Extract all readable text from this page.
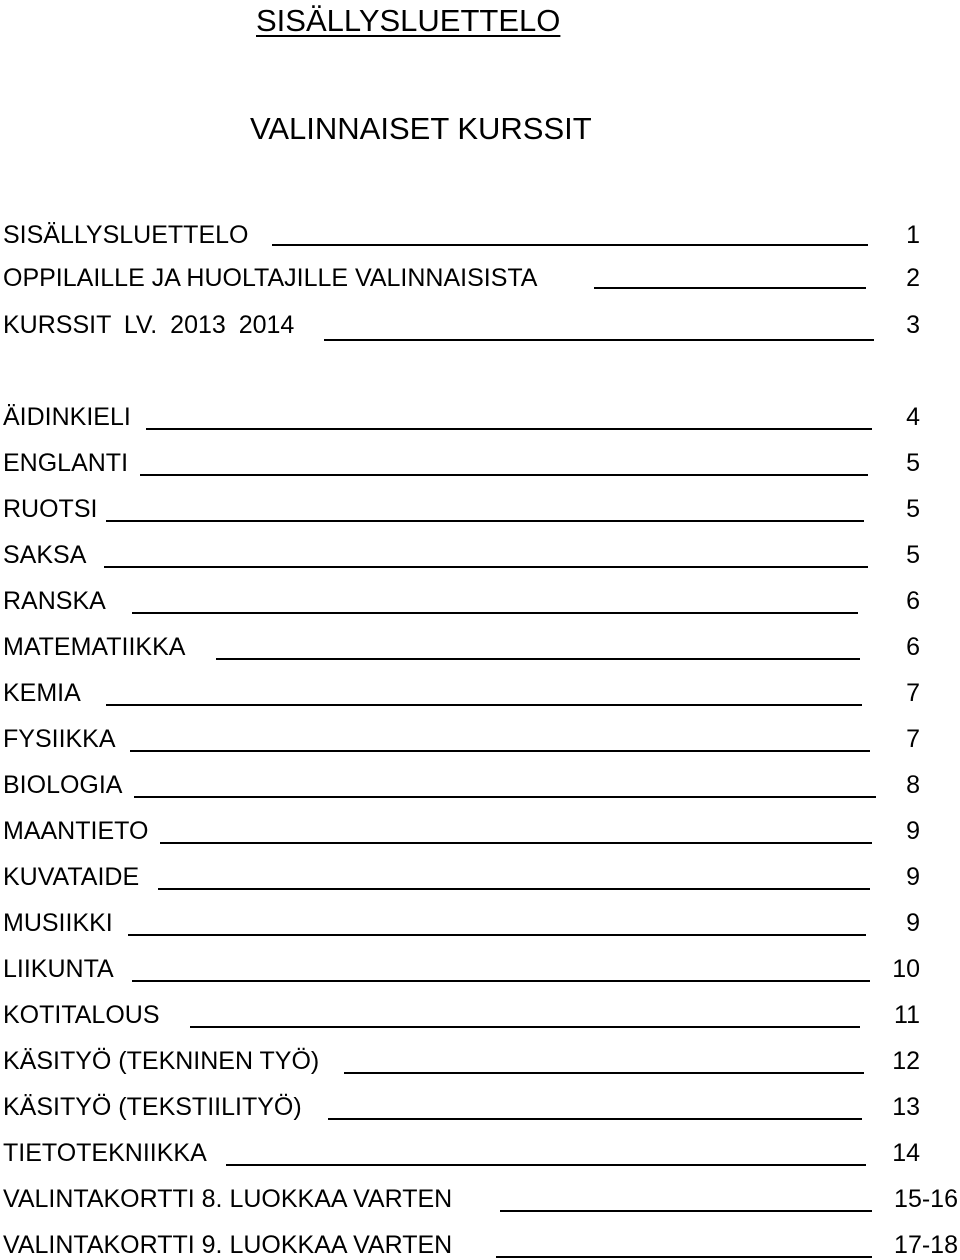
SISÄLLYSLUETTELO
VALINNAISET KURSSIT
SISÄLLYSLUETTELO	1
OPPILAILLE JA HUOLTAJILLE VALINNAISISTA	2
KURSSIT LV. 2013 2014	3
ÄIDINKIELI	4
ENGLANTI	5
RUOTSI	5
SAKSA	5
RANSKA	6
MATEMATIIKKA	6
KEMIA	7
FYSIIKKA	7
BIOLOGIA	8
MAANTIETO	9
KUVATAIDE	9
MUSIIKKI	9
LIIKUNTA	10
KOTITALOUS	11
KÄSITYÖ (TEKNINEN TYÖ)	12
KÄSITYÖ (TEKSTIILITYÖ)	13
TIETOTEKNIIKKA	14
VALINTAKORTTI 8. LUOKKAA VARTEN	15-16
VALINTAKORTTI 9. LUOKKAA VARTEN	17-18
